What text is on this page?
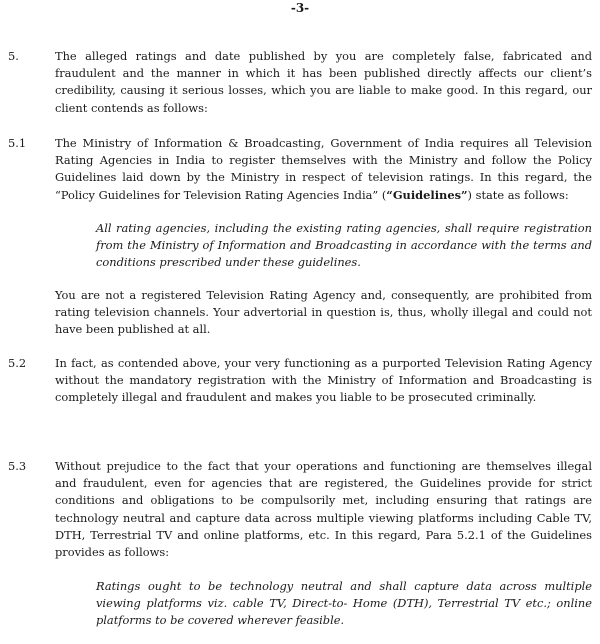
-3-
5.	The alleged ratings and date published by you are completely false, fabricated and fraudulent and the manner in which it has been published directly affects our client’s credibility, causing it serious losses, which you are liable to make good. In this regard, our client contends as follows:
5.1	The Ministry of Information & Broadcasting, Government of India requires all Television Rating Agencies in India to register themselves with the Ministry and follow the Policy Guidelines laid down by the Ministry in respect of television ratings. In this regard, the “Policy Guidelines for Television Rating Agencies India” (“Guidelines”) state as follows:
All rating agencies, including the existing rating agencies, shall require registration from the Ministry of Information and Broadcasting in accordance with the terms and conditions prescribed under these guidelines.
You are not a registered Television Rating Agency and, consequently, are prohibited from rating television channels. Your advertorial in question is, thus, wholly illegal and could not have been published at all.
5.2	In fact, as contended above, your very functioning as a purported Television Rating Agency without the mandatory registration with the Ministry of Information and Broadcasting is completely illegal and fraudulent and makes you liable to be prosecuted criminally.
5.3	Without prejudice to the fact that your operations and functioning are themselves illegal and fraudulent, even for agencies that are registered, the Guidelines provide for strict conditions and obligations to be compulsorily met, including ensuring that ratings are technology neutral and capture data across multiple viewing platforms including Cable TV, DTH, Terrestrial TV and online platforms, etc. In this regard, Para 5.2.1 of the Guidelines provides as follows:
Ratings ought to be technology neutral and shall capture data across multiple viewing platforms viz. cable TV, Direct-to- Home (DTH), Terrestrial TV etc.; online platforms to be covered wherever feasible.
